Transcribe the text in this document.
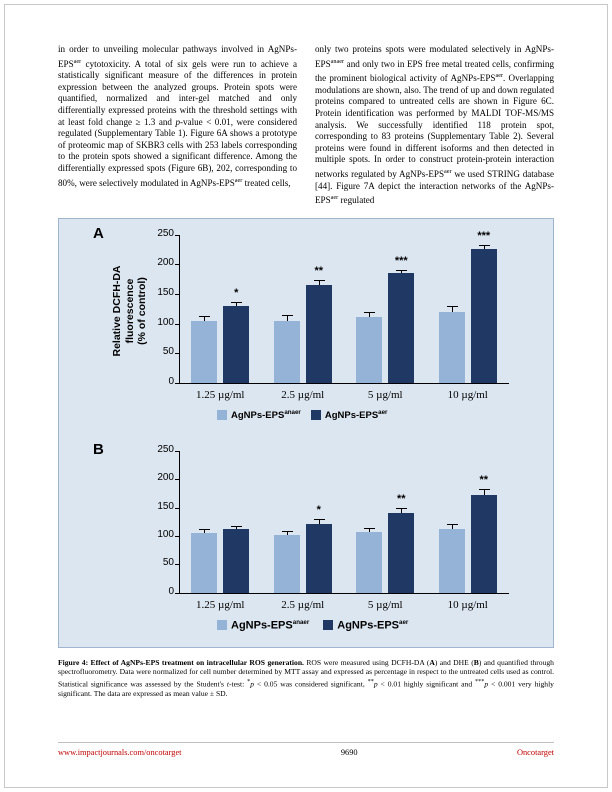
in order to unveiling molecular pathways involved in AgNPs-$EPS^{aer}$ cytotoxicity. A total of six gels were run to achieve a statistically significant measure of the differences in protein expression between the analyzed groups. Protein spots were quantified, normalized and inter-gel matched and only differentially expressed proteins with the threshold settings with at least fold change ≥ 1.3 and p-value < 0.01, were considered regulated (Supplementary Table 1). Figure 6A shows a prototype of proteomic map of SKBR3 cells with 253 labels corresponding to the protein spots showed a significant difference. Among the differentially expressed spots (Figure 6B), 202, corresponding to 80%, were selectively modulated in AgNPs-$EPS^{aer}$ treated cells,

only two proteins spots were modulated selectively in AgNPs-$EPS^{anaer}$ and only two in EPS free metal treated cells, confirming the prominent biological activity of AgNPs-$EPS^{aer}$. Overlapping modulations are shown, also. The trend of up and down regulated proteins compared to untreated cells are shown in Figure 6C. Protein identification was performed by MALDI TOF-MS/MS analysis. We successfully identified 118 protein spot, corresponding to 83 proteins (Supplementary Table 2). Several proteins were found in different isoforms and then detected in multiple spots. In order to construct protein-protein interaction networks regulated by AgNPs-$EPS^{aer}$ we used STRING database [44]. Figure 7A depict the interaction networks of the AgNPs-$EPS^{aer}$ regulated

A
Relative DCFH-DA
fluorescence
(% of control)
0
50
100
150
200
250
*
1.25 µg/ml
**
2.5 µg/ml
***
5 µg/ml
***
10 µg/ml
AgNPs-$EPS^{anaer}$	AgNPs-$EPS^{aer}$
B
0
50
100
150
200
250
1.25 µg/ml
*
2.5 µg/ml
**
5 µg/ml
**
10 µg/ml
AgNPs-$EPS^{anaer}$	AgNPs-$EPS^{aer}$
Figure 4: Effect of AgNPs-EPS treatment on intracellular ROS generation. ROS were measured using DCFH-DA (A) and DHE (B) and quantified through spectrofluorometry. Data were normalized for cell number determined by MTT assay and expressed as percentage in respect to the untreated cells used as control. Statistical significance was assessed by the Student's t-test: *p < 0.05 was considered significant, **p < 0.01 highly significant and ***p < 0.001 very highly significant. The data are expressed as mean value ± SD.
www.impactjournals.com/oncotarget	9690	Oncotarget
